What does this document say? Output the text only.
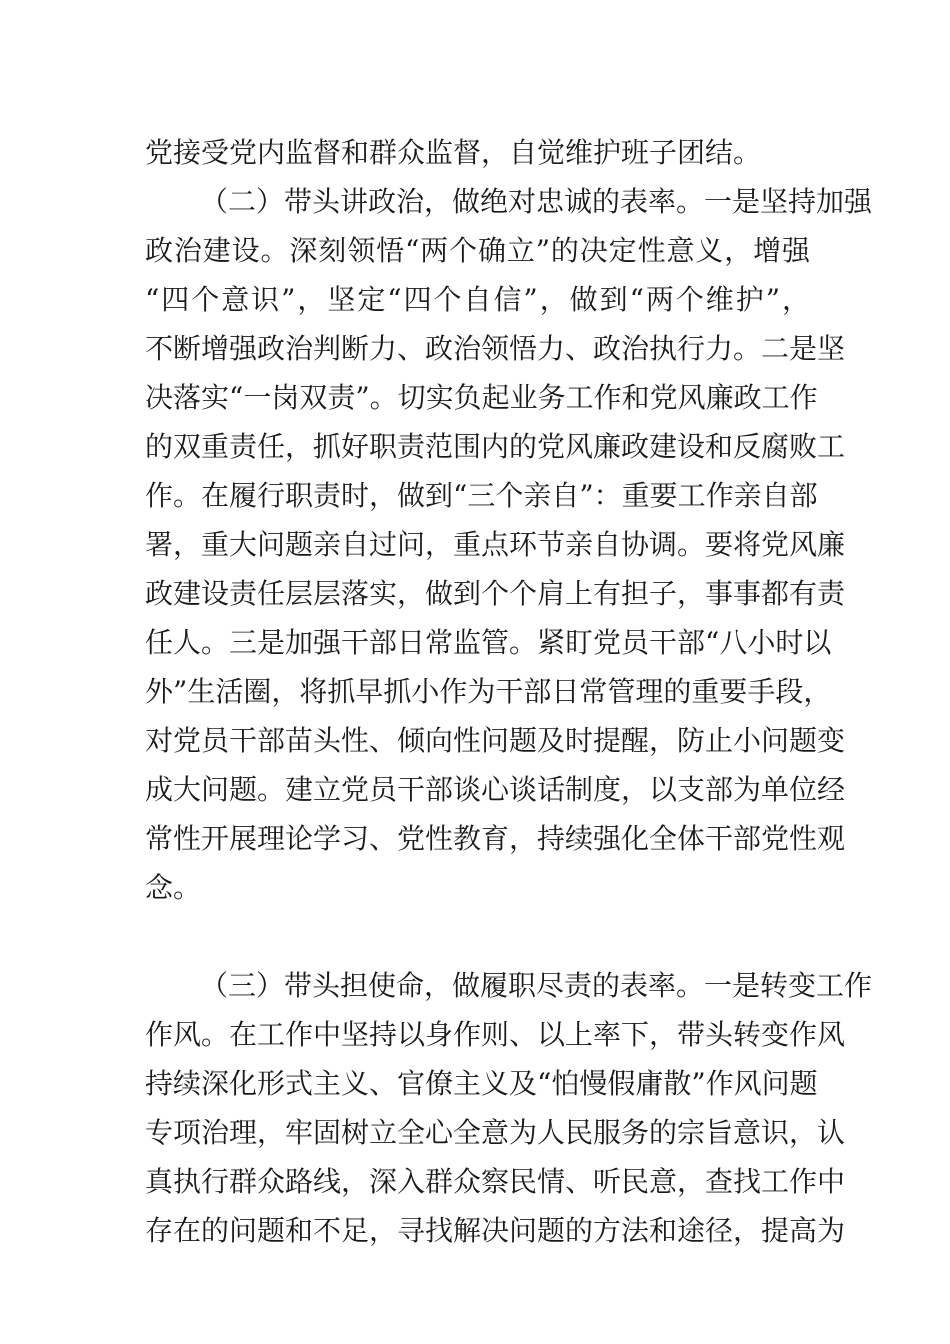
党接受党内监督和群众监督，自觉维护班子团结。
（二）带头讲政治，做绝对忠诚的表率。一是坚持加强
政治建设。深刻领悟“两个确立”的决定性意义，增强
“四个意识”，坚定“四个自信”，做到“两个维护”，
不断增强政治判断力、政治领悟力、政治执行力。二是坚
决落实“一岗双责”。切实负起业务工作和党风廉政工作
的双重责任，抓好职责范围内的党风廉政建设和反腐败工
作。在履行职责时，做到“三个亲自”：重要工作亲自部
署，重大问题亲自过问，重点环节亲自协调。要将党风廉
政建设责任层层落实，做到个个肩上有担子，事事都有责
任人。三是加强干部日常监管。紧盯党员干部“八小时以
外”生活圈，将抓早抓小作为干部日常管理的重要手段，
对党员干部苗头性、倾向性问题及时提醒，防止小问题变
成大问题。建立党员干部谈心谈话制度，以支部为单位经
常性开展理论学习、党性教育，持续强化全体干部党性观
念。
（三）带头担使命，做履职尽责的表率。一是转变工作
作风。在工作中坚持以身作则、以上率下，带头转变作风
持续深化形式主义、官僚主义及“怕慢假庸散”作风问题
专项治理，牢固树立全心全意为人民服务的宗旨意识，认
真执行群众路线，深入群众察民情、听民意，查找工作中
存在的问题和不足，寻找解决问题的方法和途径，提高为
